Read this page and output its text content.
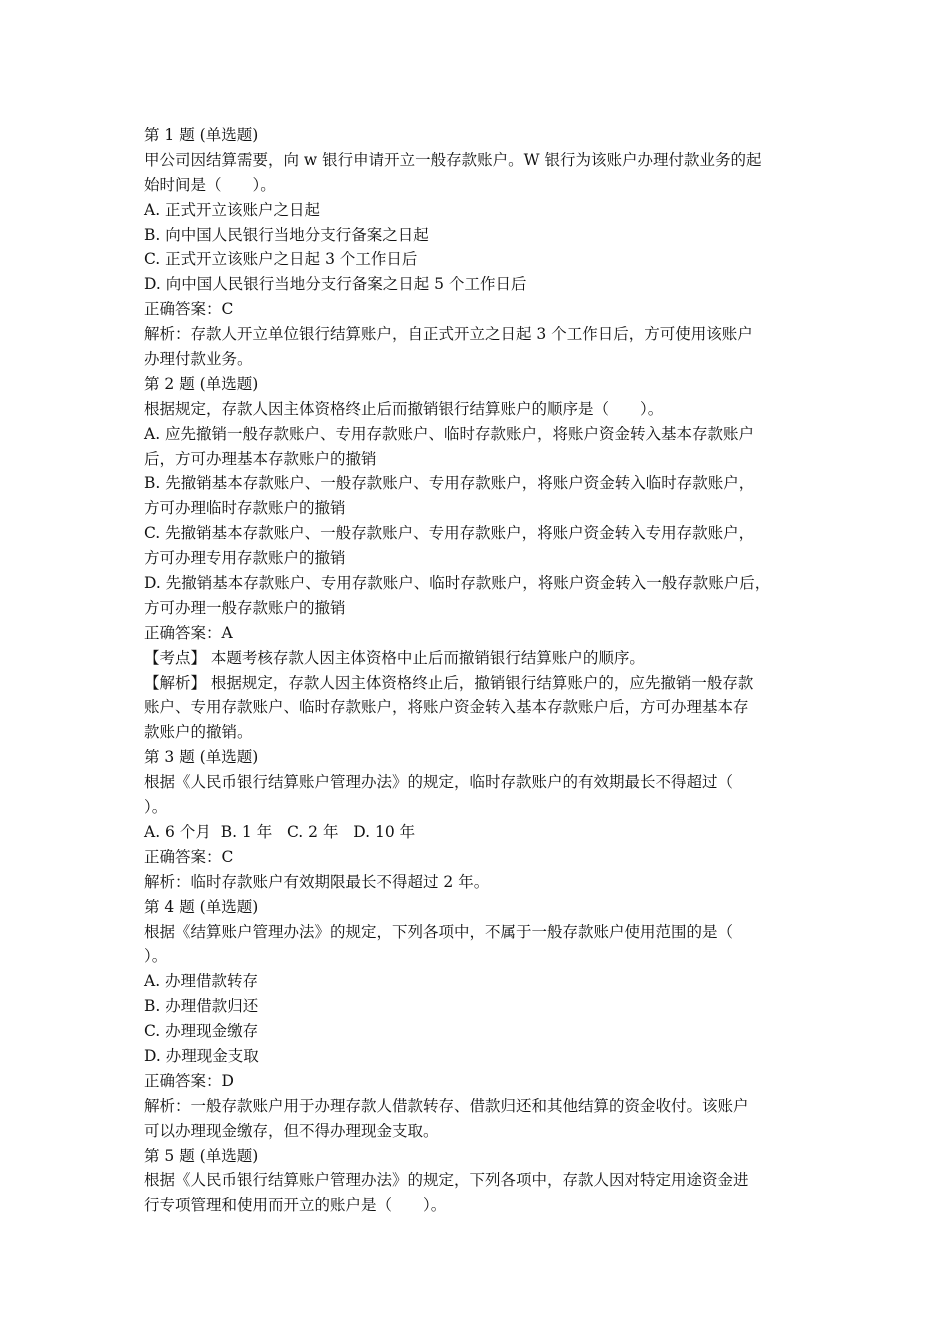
第 1 题 (单选题)
甲公司因结算需要，向 w 银行申请开立一般存款账户。W 银行为该账户办理付款业务的起
始时间是（　　）。
A. 正式开立该账户之日起
B. 向中国人民银行当地分支行备案之日起
C. 正式开立该账户之日起 3 个工作日后
D. 向中国人民银行当地分支行备案之日起 5 个工作日后
正确答案：C
解析：存款人开立单位银行结算账户，自正式开立之日起 3 个工作日后，方可使用该账户
办理付款业务。
第 2 题 (单选题)
根据规定，存款人因主体资格终止后而撤销银行结算账户的顺序是（　　）。
A. 应先撤销一般存款账户、专用存款账户、临时存款账户，将账户资金转入基本存款账户
后，方可办理基本存款账户的撤销
B. 先撤销基本存款账户、一般存款账户、专用存款账户，将账户资金转入临时存款账户，
方可办理临时存款账户的撤销
C. 先撤销基本存款账户、一般存款账户、专用存款账户，将账户资金转入专用存款账户，
方可办理专用存款账户的撤销
D. 先撤销基本存款账户、专用存款账户、临时存款账户，将账户资金转入一般存款账户后，
方可办理一般存款账户的撤销
正确答案：A
【考点】 本题考核存款人因主体资格中止后而撤销银行结算账户的顺序。
【解析】 根据规定，存款人因主体资格终止后，撤销银行结算账户的，应先撤销一般存款
账户、专用存款账户、临时存款账户，将账户资金转入基本存款账户后，方可办理基本存
款账户的撤销。
第 3 题 (单选题)
根据《人民币银行结算账户管理办法》的规定，临时存款账户的有效期最长不得超过（
）。
A. 6 个月  B. 1 年   C. 2 年   D. 10 年
正确答案：C
解析：临时存款账户有效期限最长不得超过 2 年。
第 4 题 (单选题)
根据《结算账户管理办法》的规定，下列各项中，不属于一般存款账户使用范围的是（
）。
A. 办理借款转存
B. 办理借款归还
C. 办理现金缴存
D. 办理现金支取
正确答案：D
解析：一般存款账户用于办理存款人借款转存、借款归还和其他结算的资金收付。该账户
可以办理现金缴存，但不得办理现金支取。
第 5 题 (单选题)
根据《人民币银行结算账户管理办法》的规定，下列各项中，存款人因对特定用途资金进
行专项管理和使用而开立的账户是（　　）。
